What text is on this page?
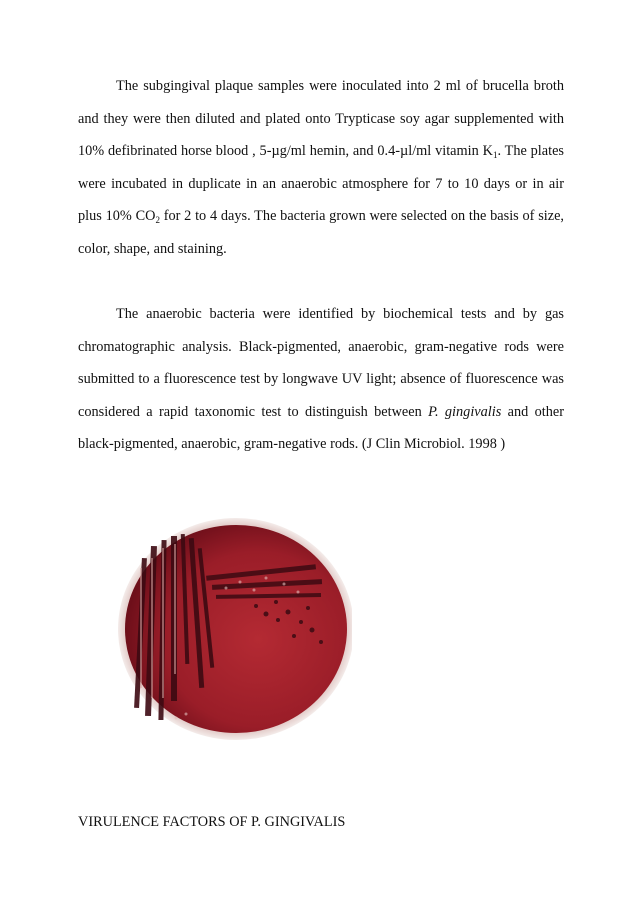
The subgingival plaque samples were inoculated into 2 ml of brucella broth and they were then diluted and plated onto Trypticase soy agar supplemented with 10% defibrinated horse blood , 5-µg/ml hemin, and 0.4-µl/ml vitamin $K_1$. The plates were incubated in duplicate in an anaerobic atmosphere for 7 to 10 days or in air plus 10% $CO_2$ for 2 to 4 days. The bacteria grown were selected on the basis of size, color, shape, and staining.

The anaerobic bacteria were identified by biochemical tests and by gas chromatographic analysis. Black-pigmented, anaerobic, gram-negative rods were submitted to a fluorescence test by longwave UV light; absence of fluorescence was considered a rapid taxonomic test to distinguish between P. gingivalis and other black-pigmented, anaerobic, gram-negative rods. (J Clin Microbiol. 1998 )

VIRULENCE FACTORS OF P. GINGIVALIS
